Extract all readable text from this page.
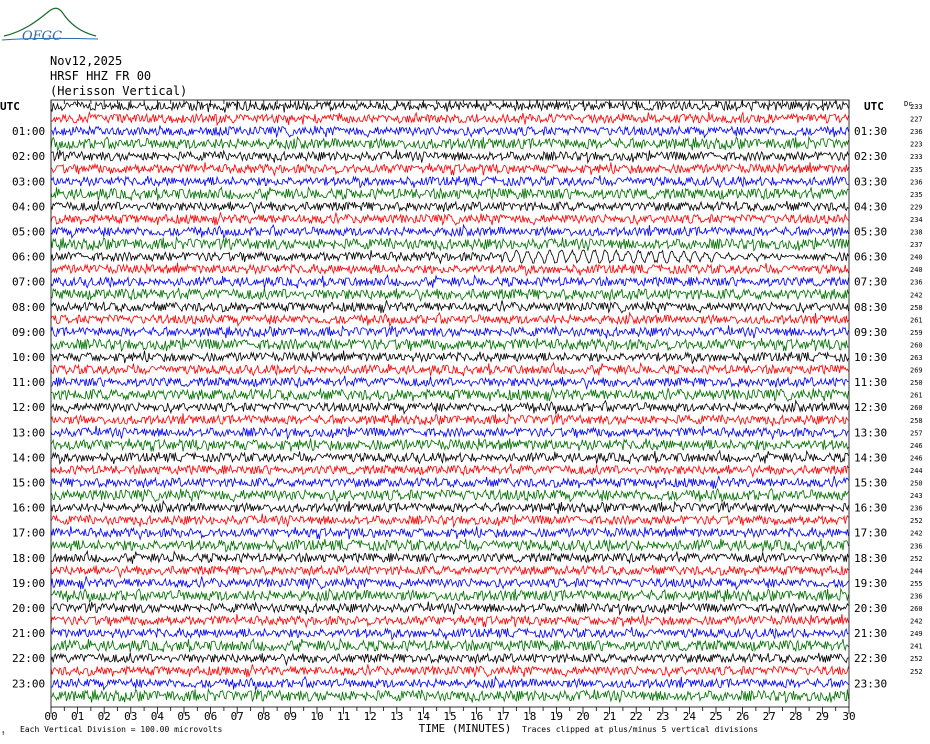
OFGC
Nov12,2025
HRSF HHZ FR 00
(Herisson Vertical)
00 01 02 03 04 05 06 07 08 09 10 11 12 13 14 15 16 17 18 19 20 21 22 23 24 25 26 27 28 29 30
TIME (MINUTES)
UTC	UTC	Dc
01:00
02:00
03:00
04:00
05:00
06:00
07:00
08:00
09:00
10:00
11:00
12:00
13:00
14:00
15:00
16:00
17:00
18:00
19:00
20:00
21:00
22:00
23:00
01:30
02:30
03:30
04:30
05:30
06:30
07:30
08:30
09:30
10:30
11:30
12:30
13:30
14:30
15:30
16:30
17:30
18:30
19:30
20:30
21:30
22:30
23:30
233
227
236
223
233
235
236
235
229
234
238
237
240
240
236
242
258
261
259
260
263
269
250
261
260
258
257
246
246
244
250
243
236
252
242
236
252
244
255
236
260
242
249
241
252
252
↑ Each Vertical Division = 100.00 microvolts	Traces clipped at plus/minus 5 vertical divisions
